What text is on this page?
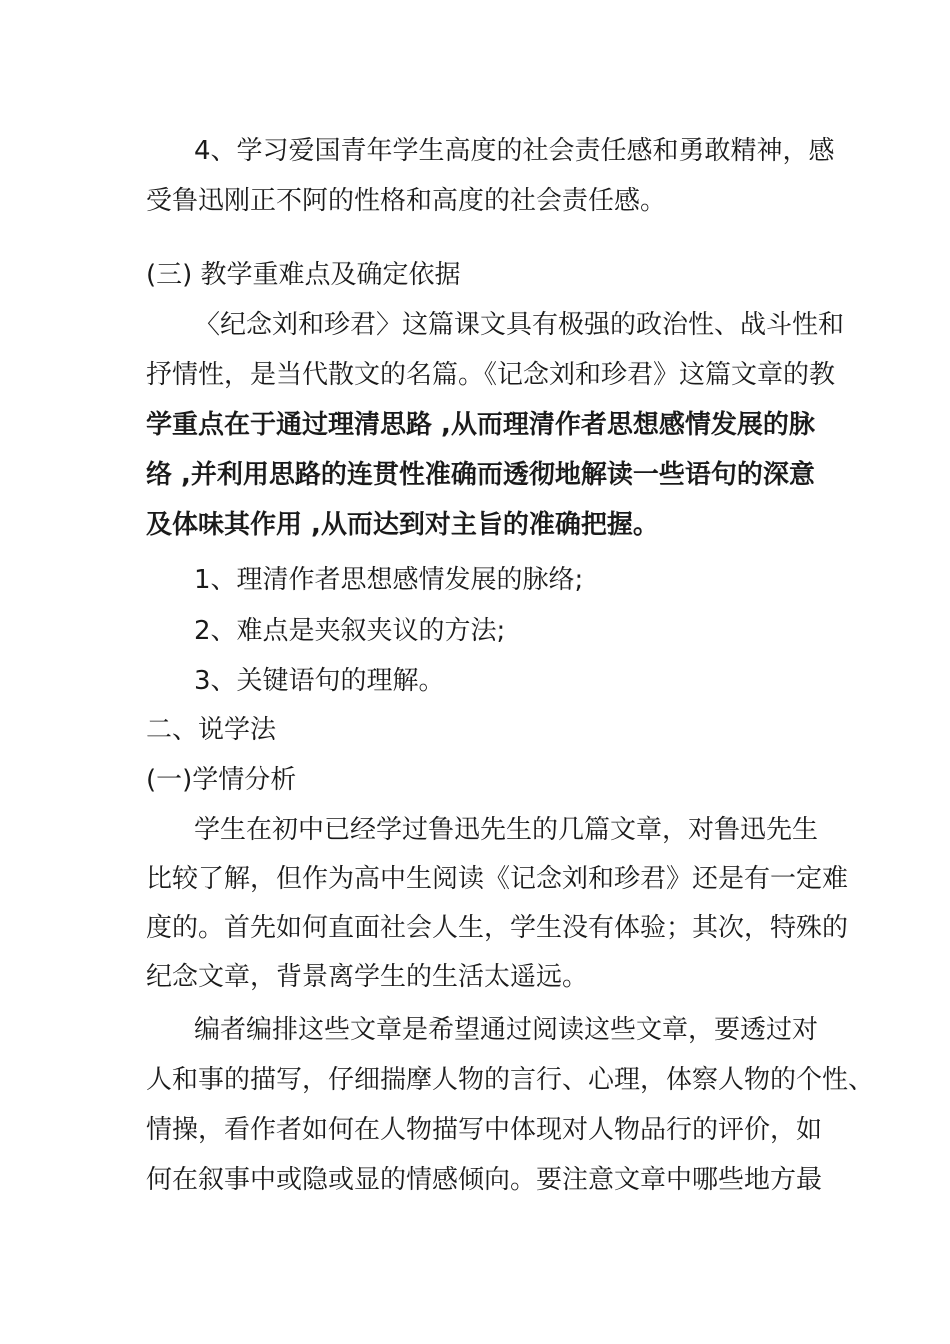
4、学习爱国青年学生高度的社会责任感和勇敢精神，感
受鲁迅刚正不阿的性格和高度的社会责任感。
(三) 教学重难点及确定依据
〈纪念刘和珍君〉这篇课文具有极强的政治性、战斗性和
抒情性，是当代散文的名篇。《记念刘和珍君》这篇文章的教
学重点在于通过理清思路 ,从而理清作者思想感情发展的脉
络 ,并利用思路的连贯性准确而透彻地解读一些语句的深意
及体味其作用 ,从而达到对主旨的准确把握。
1、理清作者思想感情发展的脉络;
2、难点是夹叙夹议的方法;
3、关键语句的理解。
二、说学法
(一)学情分析
学生在初中已经学过鲁迅先生的几篇文章，对鲁迅先生
比较了解，但作为高中生阅读《记念刘和珍君》还是有一定难
度的。首先如何直面社会人生，学生没有体验；其次，特殊的
纪念文章，背景离学生的生活太遥远。
编者编排这些文章是希望通过阅读这些文章，要透过对
人和事的描写，仔细揣摩人物的言行、心理，体察人物的个性、
情操，看作者如何在人物描写中体现对人物品行的评价，如
何在叙事中或隐或显的情感倾向。要注意文章中哪些地方最
